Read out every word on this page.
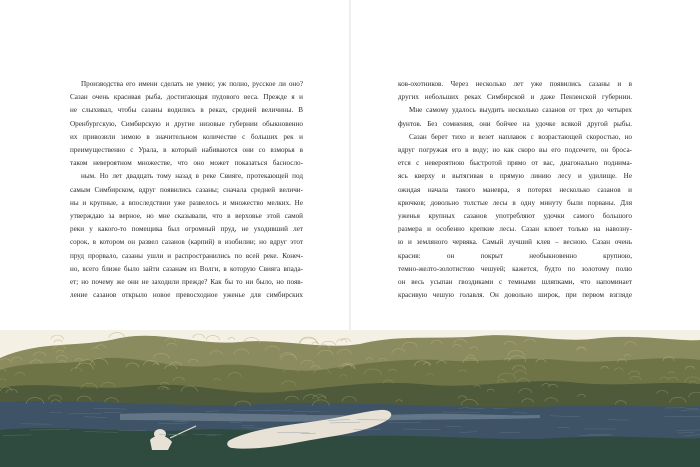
Производства его имени сделать не умею; уж полно, русское ли оно?
Сазан очень красивая рыба, достигающая пудового веса. Прежде я и
не слыхивал, чтобы сазаны водились в реках, средней величины. В
Оренбургскую, Симбирскую и другие низовые губернии обыкновенно
их привозили зимою в значительном количестве с больших рек и
преимущественно с Урала, в который набиваются они со взморья в
таком невероятном множестве, что оно может показаться басносло-
ным. Но лет двадцать тому назад в реке Свияге, протекающей под
самым Симбирском, вдруг появились сазаны; сначала средней величи-
ны и крупные, а впоследствии уже развелось и множество мелких. Не
утверждаю за верное, но мне сказывали, что в верховье этой самой
реки у какого-то помещика был огромный пруд, не уходивший лет
сорок, в котором он развел сазанов (карпий) в изобилии; но вдруг этот
пруд прорвало, сазаны ушли и распространились по всей реке. Конеч-
но, всего ближе было зайти сазанам из Волги, в которую Свияга впада-
ет; но почему же они не заходили прежде? Как бы то ни было, но появ-
ление сазанов открыло новое превосходное уженье для симбирских
ков-охотников. Через несколько лет уже появились сазаны и в
других небольших реках Симбирской и даже Пензенской губернии.
Мне самому удалось выудить несколько сазанов от трех до четырех
фунтов. Без сомнения, они бойчее на удочке всякой другой рыбы.
Сазан берет тихо и везет наплавок с возрастающей скоростью, но
вдруг погружая его в воду; но как скоро вы его подсечете, он броса-
ется с невероятною быстротой прямо от вас, диагонально поднима-
ясь кверху и вытягивая в прямую линию лесу и удилище. Не
ожидая начала такого маневра, я потерял несколько сазанов и
крючков; довольно толстые лесы в одну минуту были порваны. Для
уженья крупных сазанов употребляют удочки самого большого
размера и особенно крепкие лесы. Сазан клюет только на навозну-
ю и земляного червяка. Самый лучший клев – весною. Сазан очень
красив: он покрыт необыкновенно крупною,
темно-желто-золотистою чешуей; кажется, будто по золотому полю
он весь усыпан гвоздиками с темными шляпками, что напоминает
красивую чешую голавля. Он довольно широк, при первом взгляде
